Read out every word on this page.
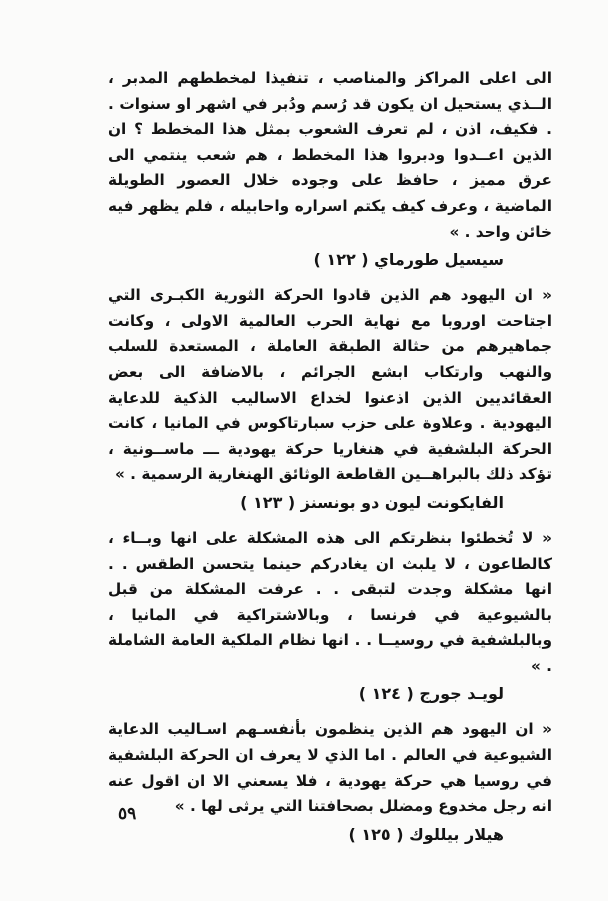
الى اعلى المراكز والمناصب ، تنفيذا لمخططهم المدبر ، الــذي يستحيل ان يكون قد رُسم ودُبر في اشهر او سنوات . . فكيف، اذن ، لم تعرف الشعوب بمثل هذا المخطط ؟ ان الذين اعــدوا ودبروا هذا المخطط ، هم شعب ينتمي الى عرق مميز ، حافظ على وجوده خلال العصور الطويلة الماضية ، وعرف كيف يكتم اسراره واحابيله ، فلم يظهر فيه خائن واحد . »

سيسيل طورماي ( ١٢٢ )

« ان اليهود هم الذين قادوا الحركة الثورية الكبـرى التي اجتاحت اوروبا مع نهاية الحرب العالمية الاولى ، وكانت جماهيرهم من حثالة الطبقة العاملة ، المستعدة للسلب والنهب وارتكاب ابشع الجرائم ، بالاضافة الى بعض العقائديين الذين اذعنوا لخداع الاساليب الذكية للدعاية اليهودية . وعلاوة على حزب سبارتاكوس في المانيا ، كانت الحركة البلشفية في هنغاريا حركة يهودية ـــ ماســونية ، تؤكد ذلك بالبراهــين القاطعة الوثائق الهنغارية الرسمية . »

الفايكونت ليون دو بونسنز ( ١٢٣ )

« لا تُخطئوا بنظرتكم الى هذه المشكلة على انها وبــاء ، كالطاعون ، لا يلبث ان يغادركم حينما يتحسن الطقس . . انها مشكلة وجدت لتبقى . . عرفت المشكلة من قبل بالشيوعية في فرنسا ، وبالاشتراكية في المانيا ، وبالبلشفية في روسيــا . . انها نظام الملكية العامة الشاملة . »

لويـد جورج ( ١٢٤ )

« ان اليهود هم الذين ينظمون بأنفسـهم اسـاليب الدعاية الشيوعية في العالم . اما الذي لا يعرف ان الحركة البلشفية في روسيا هي حركة يهودية ، فلا يسعني الا ان اقول عنه انه رجل مخدوع ومضلل بصحافتنا التي يرثى لها . »

هيلار بيللوك ( ١٢٥ )

٥٩
